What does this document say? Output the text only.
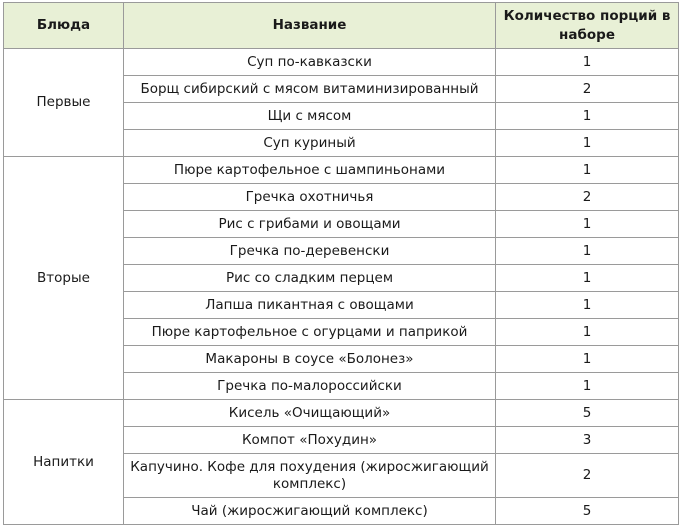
Блюда	Название	Количество порций в наборе
Первые	Суп по-кавказски	1
	Борщ сибирский с мясом витаминизированный	2
	Щи с мясом	1
	Суп куриный	1
Вторые	Пюре картофельное с шампиньонами	1
	Гречка охотничья	2
	Рис с грибами и овощами	1
	Гречка по-деревенски	1
	Рис со сладким перцем	1
	Лапша пикантная с овощами	1
	Пюре картофельное с огурцами и паприкой	1
	Макароны в соусе «Болонез»	1
	Гречка по-малороссийски	1
Напитки	Кисель «Очищающий»	5
	Компот «Похудин»	3
	Капучино. Кофе для похудения (жиросжигающий комплекс)	2
	Чай (жиросжигающий комплекс)	5
